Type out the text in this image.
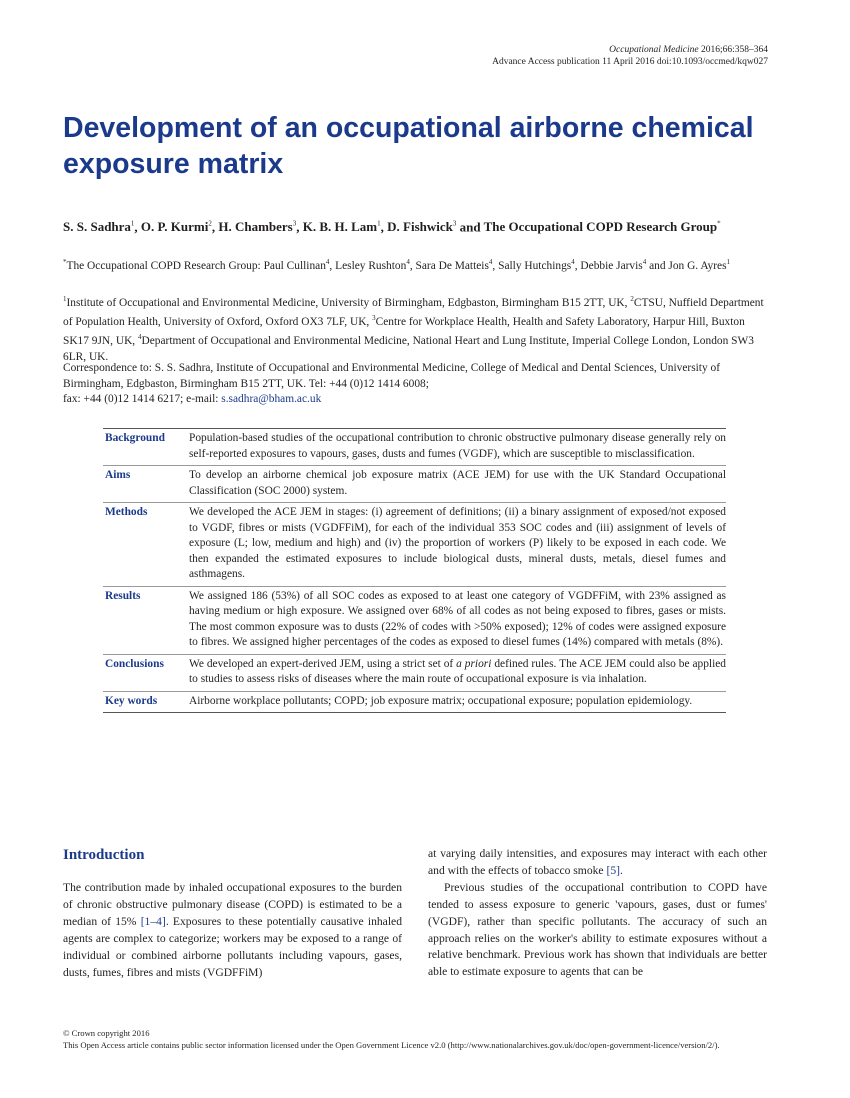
Occupational Medicine 2016;66:358–364
Advance Access publication 11 April 2016 doi:10.1093/occmed/kqw027
Development of an occupational airborne chemical exposure matrix
S. S. Sadhra$^1$, O. P. Kurmi$^2$, H. Chambers$^3$, K. B. H. Lam$^1$, D. Fishwick$^3$ and The Occupational COPD Research Group*
*The Occupational COPD Research Group: Paul Cullinan$^4$, Lesley Rushton$^4$, Sara De Matteis$^4$, Sally Hutchings$^4$, Debbie Jarvis$^4$ and Jon G. Ayres$^1$
$^1$Institute of Occupational and Environmental Medicine, University of Birmingham, Edgbaston, Birmingham B15 2TT, UK, $^2$CTSU, Nuffield Department of Population Health, University of Oxford, Oxford OX3 7LF, UK, $^3$Centre for Workplace Health, Health and Safety Laboratory, Harpur Hill, Buxton SK17 9JN, UK, $^4$Department of Occupational and Environmental Medicine, National Heart and Lung Institute, Imperial College London, London SW3 6LR, UK.
Correspondence to: S. S. Sadhra, Institute of Occupational and Environmental Medicine, College of Medical and Dental Sciences, University of Birmingham, Edgbaston, Birmingham B15 2TT, UK. Tel: +44 (0)12 1414 6008;
fax: +44 (0)12 1414 6217; e-mail: s.sadhra@bham.ac.uk
Background	Population-based studies of the occupational contribution to chronic obstructive pulmonary disease generally rely on self-reported exposures to vapours, gases, dusts and fumes (VGDF), which are susceptible to misclassification.
Aims	To develop an airborne chemical job exposure matrix (ACE JEM) for use with the UK Standard Occupational Classification (SOC 2000) system.
Methods	We developed the ACE JEM in stages: (i) agreement of definitions; (ii) a binary assignment of exposed/not exposed to VGDF, fibres or mists (VGDFFiM), for each of the individual 353 SOC codes and (iii) assignment of levels of exposure (L; low, medium and high) and (iv) the proportion of workers (P) likely to be exposed in each code. We then expanded the estimated exposures to include biological dusts, mineral dusts, metals, diesel fumes and asthmagens.
Results	We assigned 186 (53%) of all SOC codes as exposed to at least one category of VGDFFiM, with 23% assigned as having medium or high exposure. We assigned over 68% of all codes as not being exposed to fibres, gases or mists. The most common exposure was to dusts (22% of codes with >50% exposed); 12% of codes were assigned exposure to fibres. We assigned higher percentages of the codes as exposed to diesel fumes (14%) compared with metals (8%).
Conclusions	We developed an expert-derived JEM, using a strict set of a priori defined rules. The ACE JEM could also be applied to studies to assess risks of diseases where the main route of occupational exposure is via inhalation.
Key words	Airborne workplace pollutants; COPD; job exposure matrix; occupational exposure; population epidemiology.
Introduction

The contribution made by inhaled occupational exposures to the burden of chronic obstructive pulmonary disease (COPD) is estimated to be a median of 15% [1–4]. Exposures to these potentially causative inhaled agents are complex to categorize; workers may be exposed to a range of individual or combined airborne pollutants including vapours, gases, dusts, fumes, fibres and mists (VGDFFiM)

at varying daily intensities, and exposures may interact with each other and with the effects of tobacco smoke [5].

Previous studies of the occupational contribution to COPD have tended to assess exposure to generic 'vapours, gases, dust or fumes' (VGDF), rather than specific pollutants. The accuracy of such an approach relies on the worker's ability to estimate exposures without a relative benchmark. Previous work has shown that individuals are better able to estimate exposure to agents that can be

© Crown copyright 2016
This Open Access article contains public sector information licensed under the Open Government Licence v2.0 (http://www.nationalarchives.gov.uk/doc/open-government-licence/version/2/).
